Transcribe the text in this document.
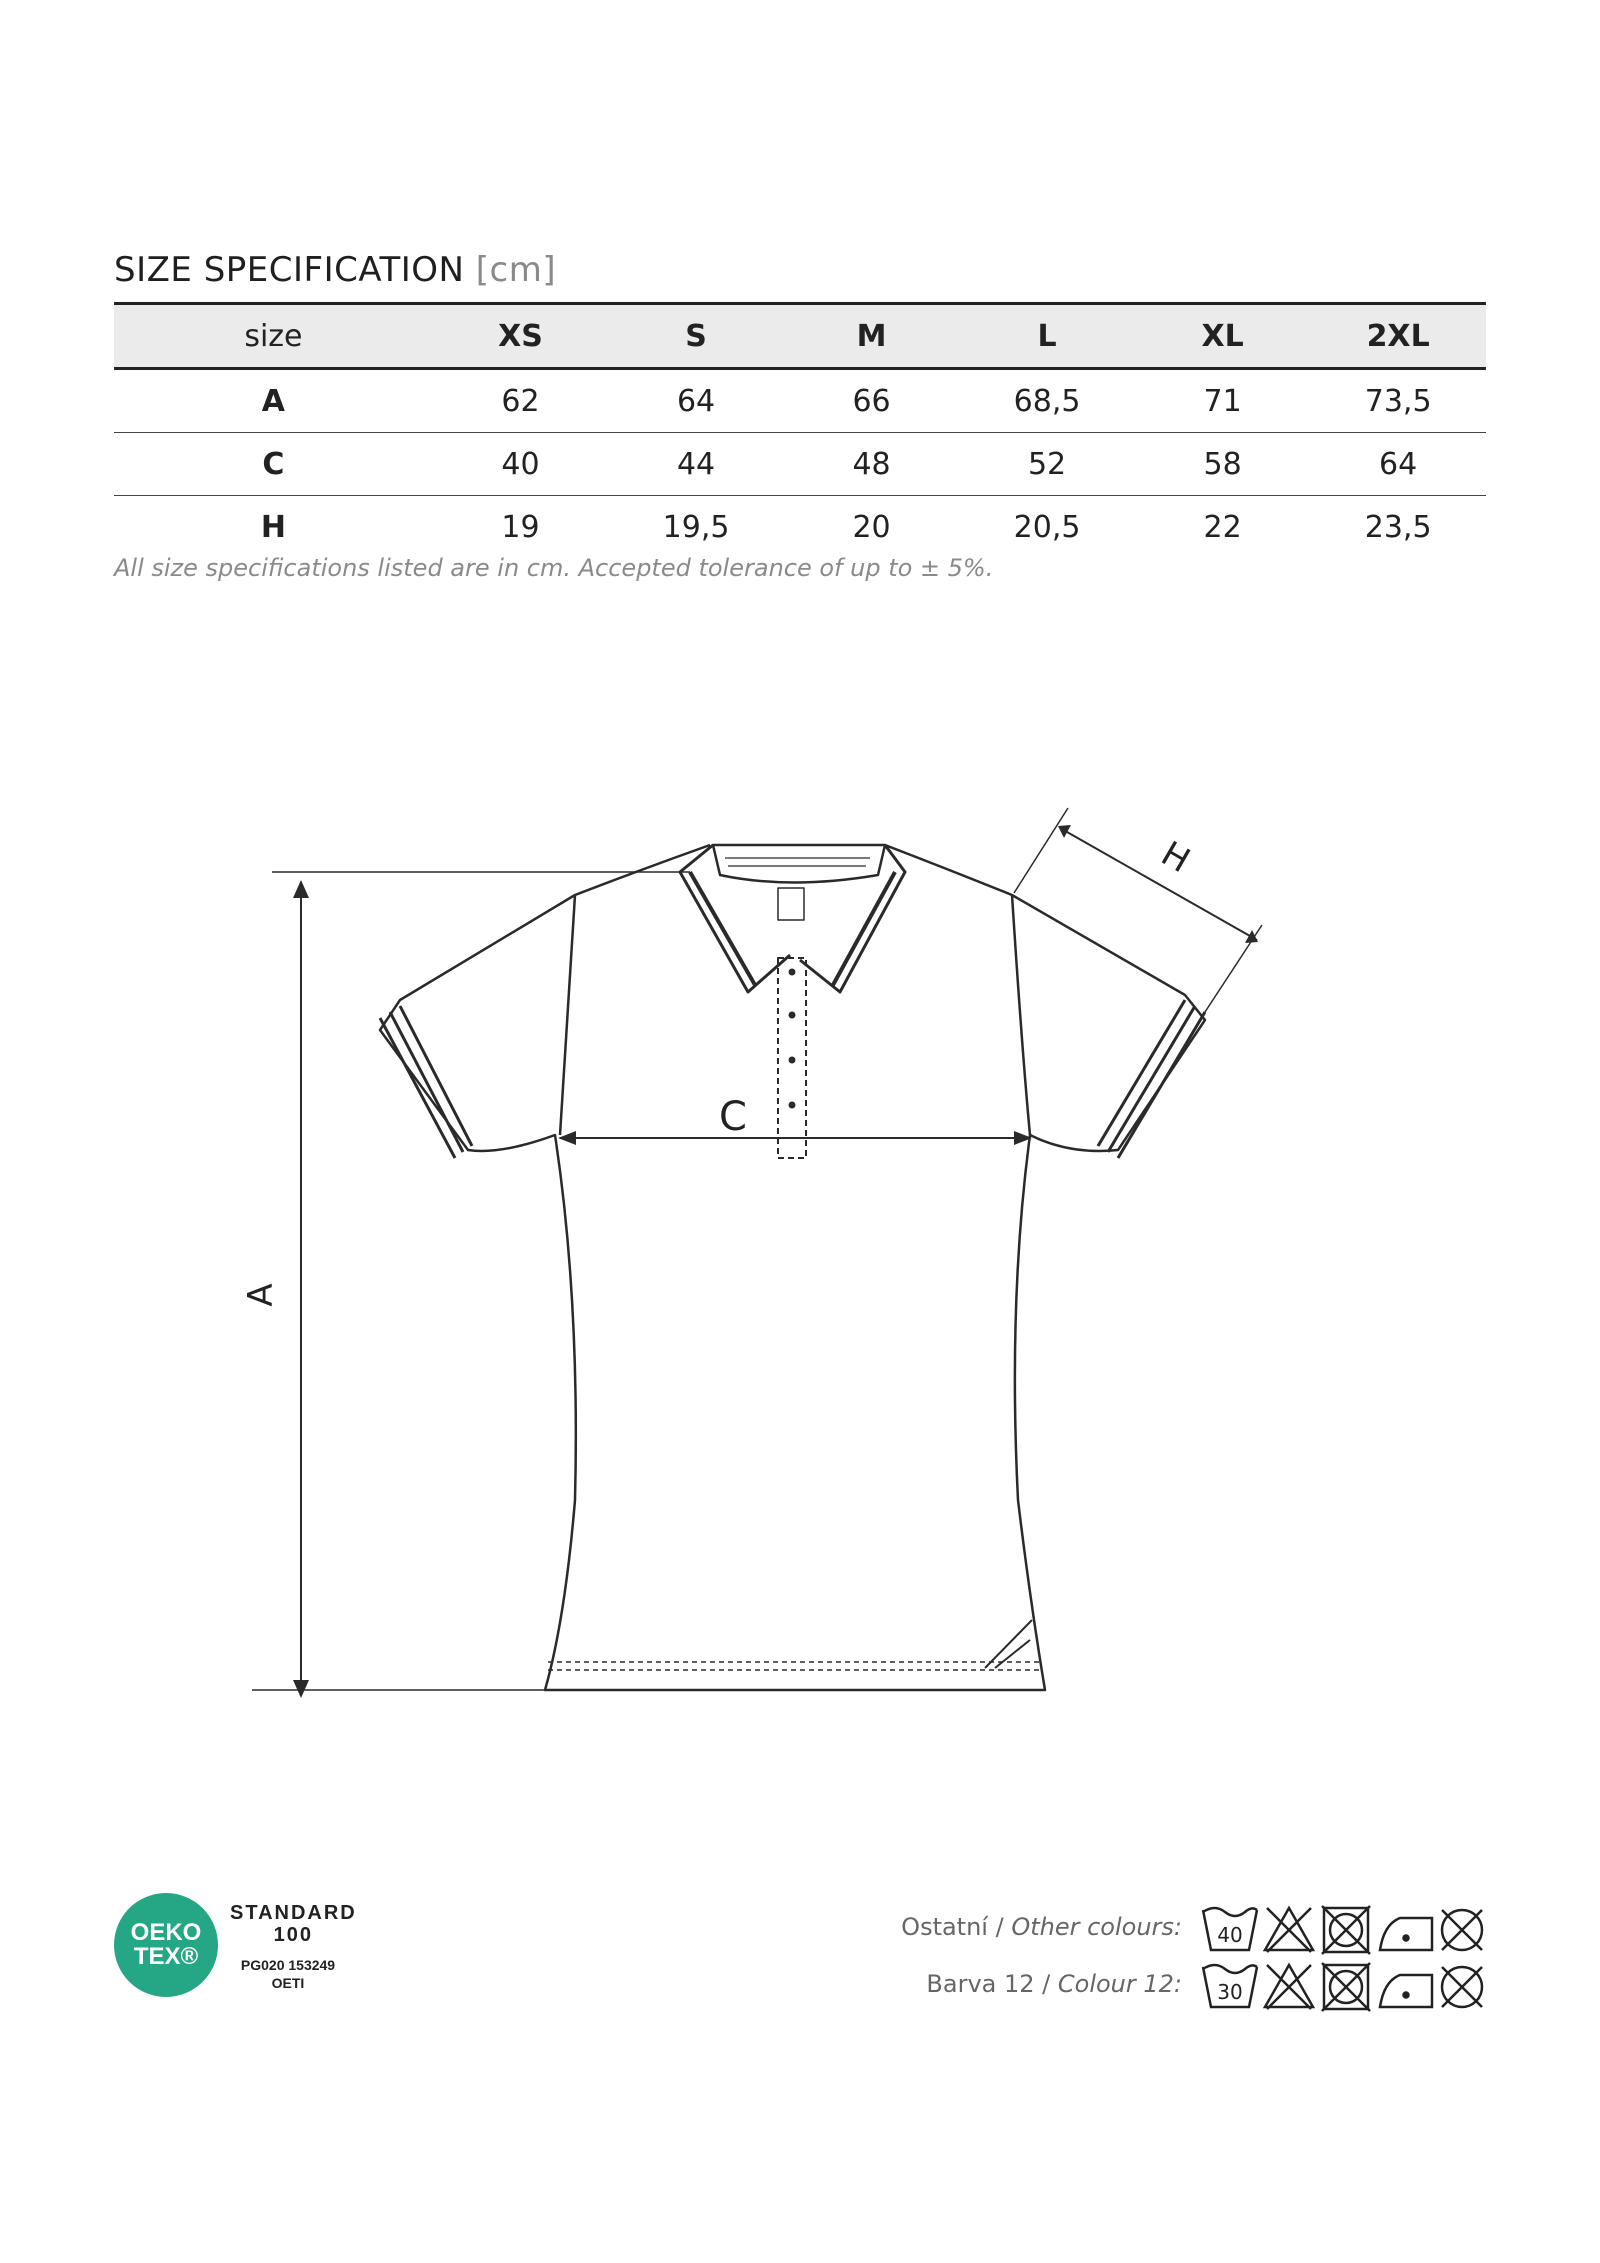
SIZE SPECIFICATION [cm]
size	XS	S	M	L	XL	2XL
A	62	64	66	68,5	71	73,5
C	40	44	48	52	58	64
H	19	19,5	20	20,5	22	23,5
All size specifications listed are in cm. Accepted tolerance of up to ± 5%.
A
C
H
OEKO
TEX®
STANDARD
100
PG020 153249
OETI
Ostatní / Other colours:
Barva 12 / Colour 12:
40
30
